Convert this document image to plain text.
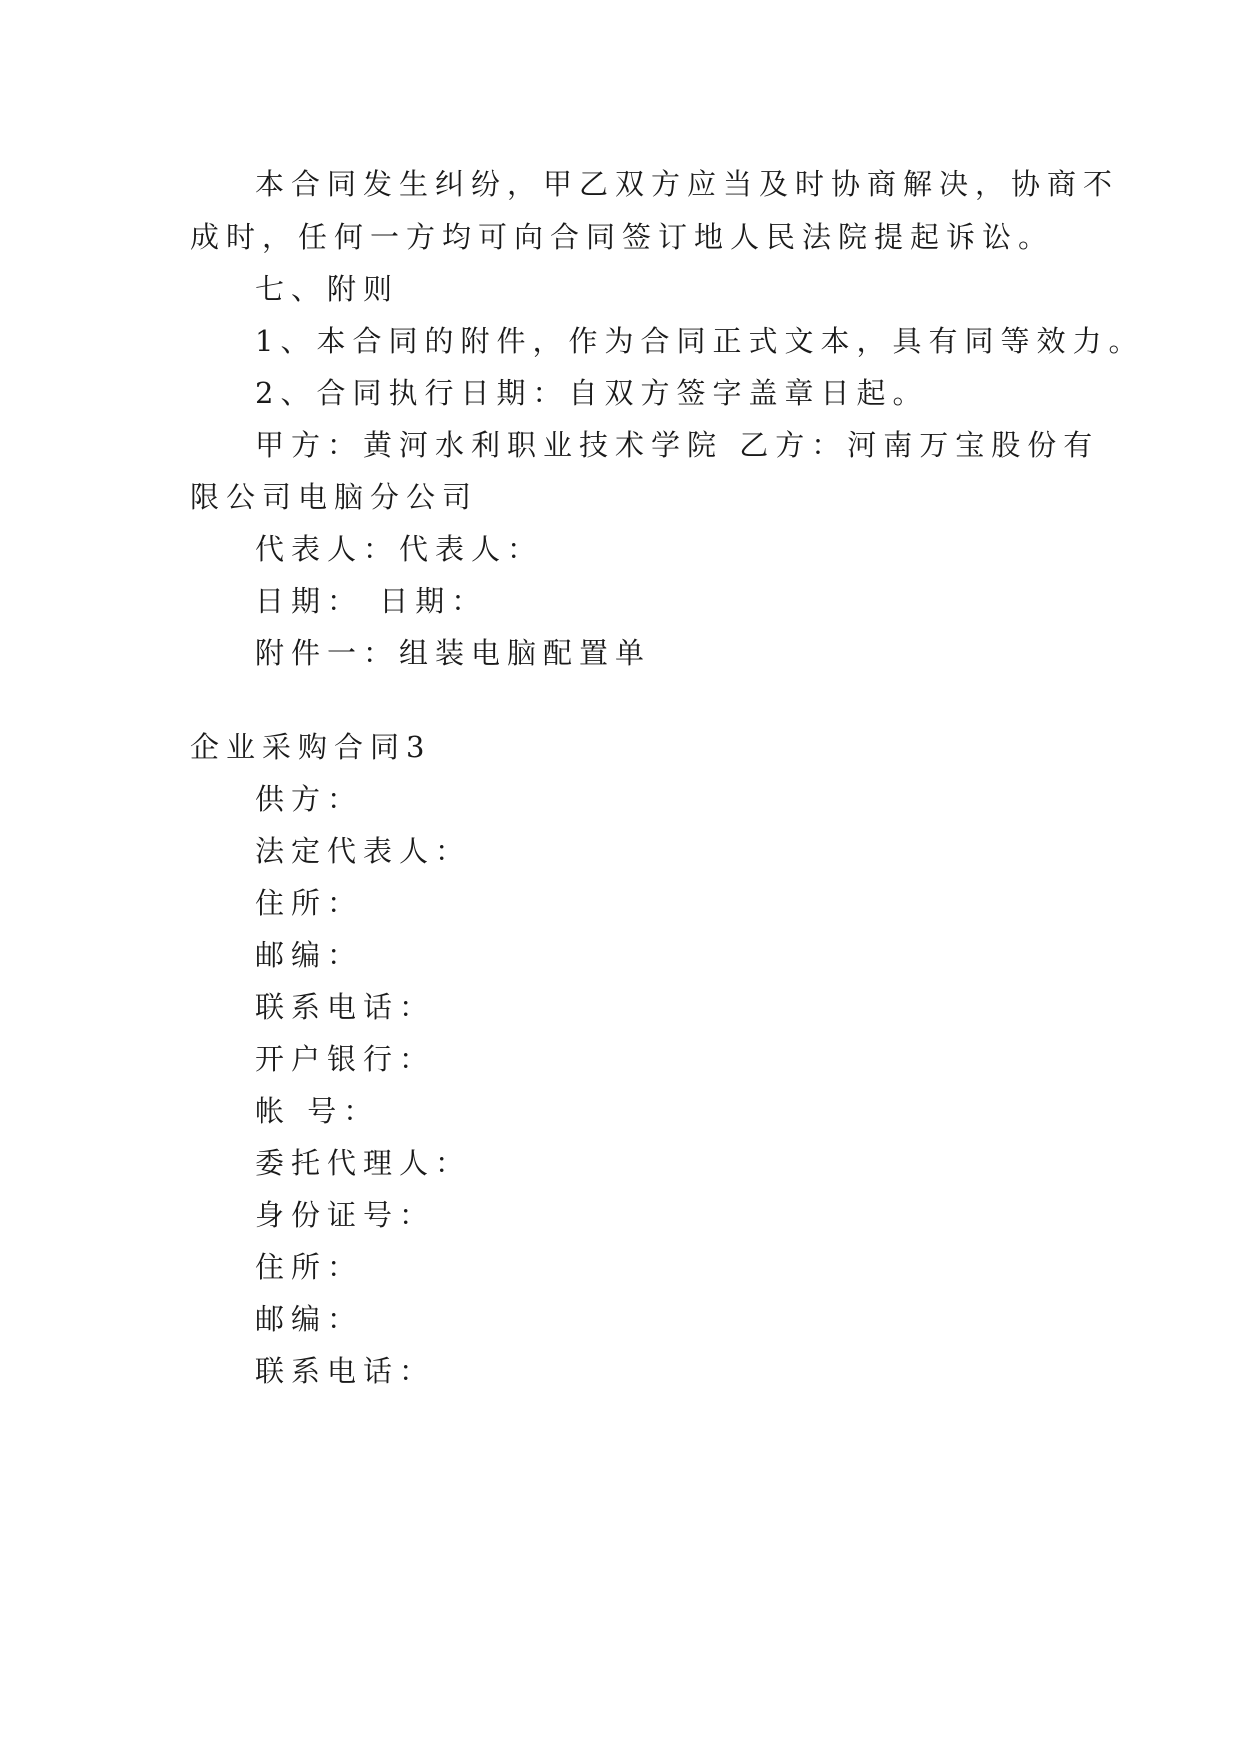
本合同发生纠纷，甲乙双方应当及时协商解决，协商不
成时，任何一方均可向合同签订地人民法院提起诉讼。
七、附则
1、本合同的附件，作为合同正式文本，具有同等效力。
2、合同执行日期：自双方签字盖章日起。
甲方：黄河水利职业技术学院 乙方：河南万宝股份有
限公司电脑分公司
代表人：代表人：
日期： 日期：
附件一：组装电脑配置单
企业采购合同3
供方：
法定代表人：
住所：
邮编：
联系电话：
开户银行：
帐 号：
委托代理人：
身份证号：
住所：
邮编：
联系电话：
